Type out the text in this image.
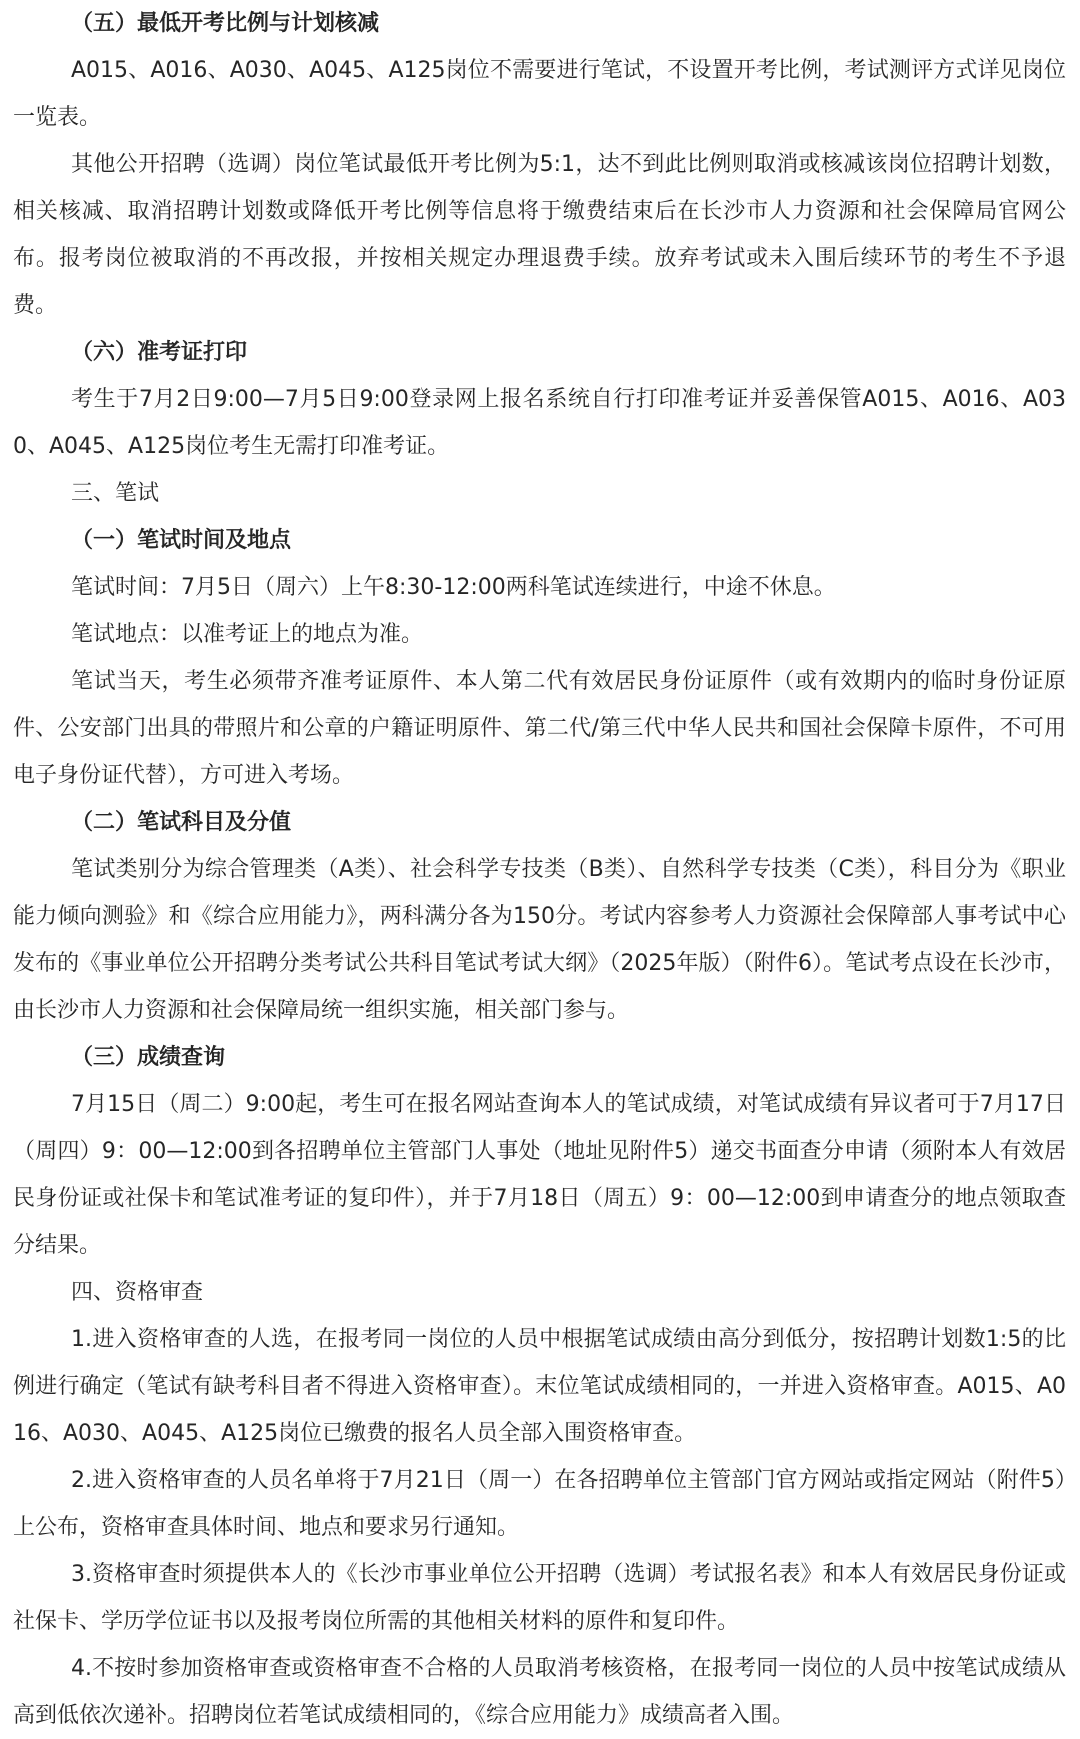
（五）最低开考比例与计划核减

A015、A016、A030、A045、A125岗位不需要进行笔试，不设置开考比例，考试测评方式详见岗位一览表。

其他公开招聘（选调）岗位笔试最低开考比例为5:1，达不到此比例则取消或核减该岗位招聘计划数，相关核减、取消招聘计划数或降低开考比例等信息将于缴费结束后在长沙市人力资源和社会保障局官网公布。报考岗位被取消的不再改报，并按相关规定办理退费手续。放弃考试或未入围后续环节的考生不予退费。

（六）准考证打印

考生于7月2日9:00—7月5日9:00登录网上报名系统自行打印准考证并妥善保管A015、A016、A030、A045、A125岗位考生无需打印准考证。

三、笔试
（一）笔试时间及地点

笔试时间：7月5日（周六）上午8:30-12:00两科笔试连续进行，中途不休息。

笔试地点：以准考证上的地点为准。

笔试当天，考生必须带齐准考证原件、本人第二代有效居民身份证原件（或有效期内的临时身份证原件、公安部门出具的带照片和公章的户籍证明原件、第二代/第三代中华人民共和国社会保障卡原件，不可用电子身份证代替），方可进入考场。

（二）笔试科目及分值

笔试类别分为综合管理类（A类）、社会科学专技类（B类）、自然科学专技类（C类），科目分为《职业能力倾向测验》和《综合应用能力》，两科满分各为150分。考试内容参考人力资源社会保障部人事考试中心发布的《事业单位公开招聘分类考试公共科目笔试考试大纲》（2025年版）（附件6）。笔试考点设在长沙市，由长沙市人力资源和社会保障局统一组织实施，相关部门参与。

（三）成绩查询

7月15日（周二）9:00起，考生可在报名网站查询本人的笔试成绩，对笔试成绩有异议者可于7月17日（周四）9：00—12:00到各招聘单位主管部门人事处（地址见附件5）递交书面查分申请（须附本人有效居民身份证或社保卡和笔试准考证的复印件），并于7月18日（周五）9：00—12:00到申请查分的地点领取查分结果。

四、资格审查

1.进入资格审查的人选，在报考同一岗位的人员中根据笔试成绩由高分到低分，按招聘计划数1:5的比例进行确定（笔试有缺考科目者不得进入资格审查）。末位笔试成绩相同的，一并进入资格审查。A015、A016、A030、A045、A125岗位已缴费的报名人员全部入围资格审查。

2.进入资格审查的人员名单将于7月21日（周一）在各招聘单位主管部门官方网站或指定网站（附件5）上公布，资格审查具体时间、地点和要求另行通知。

3.资格审查时须提供本人的《长沙市事业单位公开招聘（选调）考试报名表》和本人有效居民身份证或社保卡、学历学位证书以及报考岗位所需的其他相关材料的原件和复印件。

4.不按时参加资格审查或资格审查不合格的人员取消考核资格，在报考同一岗位的人员中按笔试成绩从高到低依次递补。招聘岗位若笔试成绩相同的，《综合应用能力》成绩高者入围。
